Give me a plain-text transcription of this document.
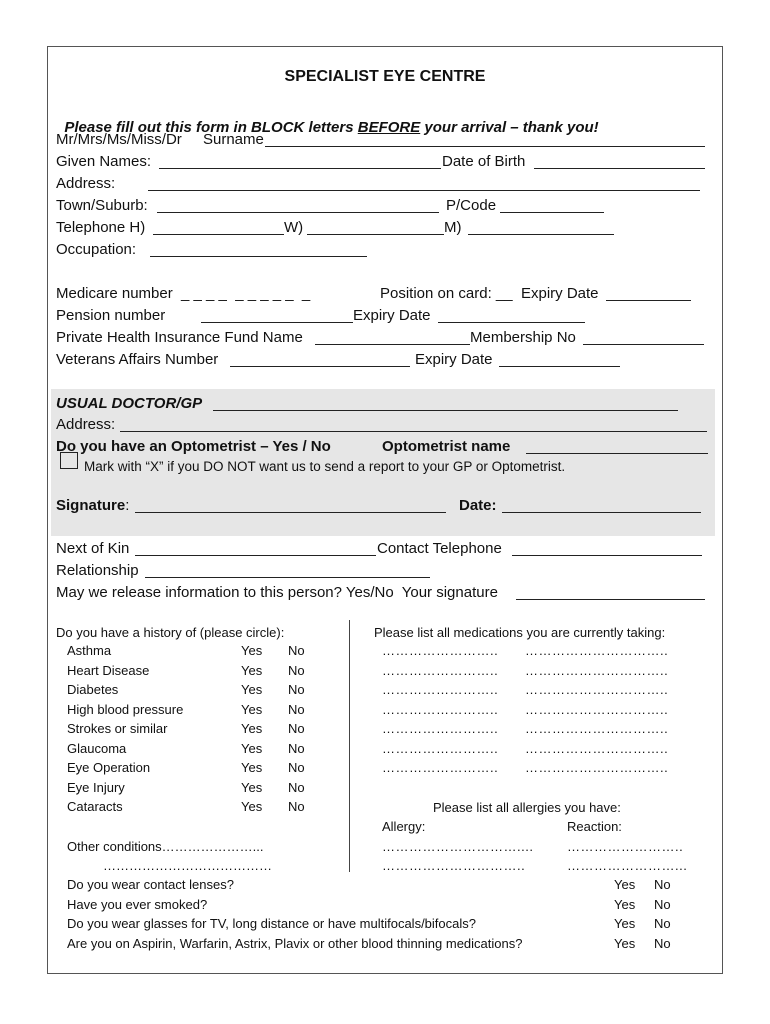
SPECIALIST EYE CENTRE

Please fill out this form in BLOCK letters BEFORE your arrival – thank you!

Mr/Mrs/Ms/Miss/Dr Surname
Given Names:	Date of Birth
Address:
Town/Suburb:	P/Code
Telephone H)	W)	M)
Occupation:
Medicare number _ _ _ _  _ _ _ _ _  _	Position on card: __ Expiry Date
Pension number	Expiry Date
Private Health Insurance Fund Name	Membership No
Veterans Affairs Number	Expiry Date
USUAL DOCTOR/GP
Address:
Do you have an Optometrist – Yes / No	Optometrist name
Mark with “X” if you DO NOT want us to send a report to your GP or Optometrist.
Signature:	Date:
Next of Kin	Contact Telephone
Relationship
May we release information to this person? Yes/No  Your signature
Do you have a history of (please circle):
Other conditions…………………...
…………………………………
Please list all medications you are currently taking:
Please list all allergies you have:
Allergy:	Reaction:
…………………………....	……………………..
…………………………..	……………………...
Asthma	Yes No
Heart Disease	Yes No
Diabetes	Yes No
High blood pressure	Yes No
Strokes or similar	Yes No
Glaucoma	Yes No
Eye Operation	Yes No
Eye Injury	Yes No
Cataracts	Yes No
…………………….. …………………………..
…………………….. …………………………..
…………………….. …………………………..
…………………….. …………………………..
…………………….. …………………………..
…………………….. …………………………..
…………………….. …………………………..
Do you wear contact lenses?	Yes No
Have you ever smoked?	Yes No
Do you wear glasses for TV, long distance or have multifocals/bifocals?	Yes No
Are you on Aspirin, Warfarin, Astrix, Plavix or other blood thinning medications?	Yes No
